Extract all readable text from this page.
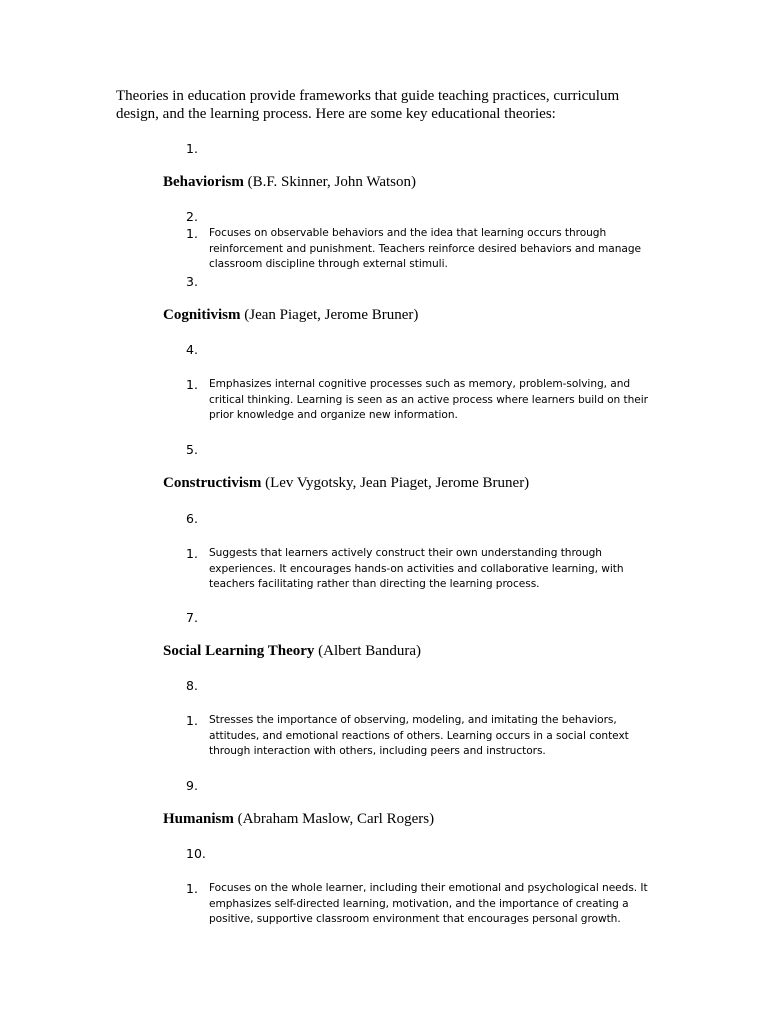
Theories in education provide frameworks that guide teaching practices, curriculum design, and the learning process. Here are some key educational theories:

1.

Behaviorism (B.F. Skinner, John Watson)

2.
1. Focuses on observable behaviors and the idea that learning occurs through reinforcement and punishment. Teachers reinforce desired behaviors and manage classroom discipline through external stimuli.
3.

Cognitivism (Jean Piaget, Jerome Bruner)

4.
1. Emphasizes internal cognitive processes such as memory, problem-solving, and critical thinking. Learning is seen as an active process where learners build on their prior knowledge and organize new information.
5.

Constructivism (Lev Vygotsky, Jean Piaget, Jerome Bruner)

6.
1. Suggests that learners actively construct their own understanding through experiences. It encourages hands-on activities and collaborative learning, with teachers facilitating rather than directing the learning process.
7.

Social Learning Theory (Albert Bandura)

8.
1. Stresses the importance of observing, modeling, and imitating the behaviors, attitudes, and emotional reactions of others. Learning occurs in a social context through interaction with others, including peers and instructors.
9.

Humanism (Abraham Maslow, Carl Rogers)

10.
1. Focuses on the whole learner, including their emotional and psychological needs. It emphasizes self-directed learning, motivation, and the importance of creating a positive, supportive classroom environment that encourages personal growth.
